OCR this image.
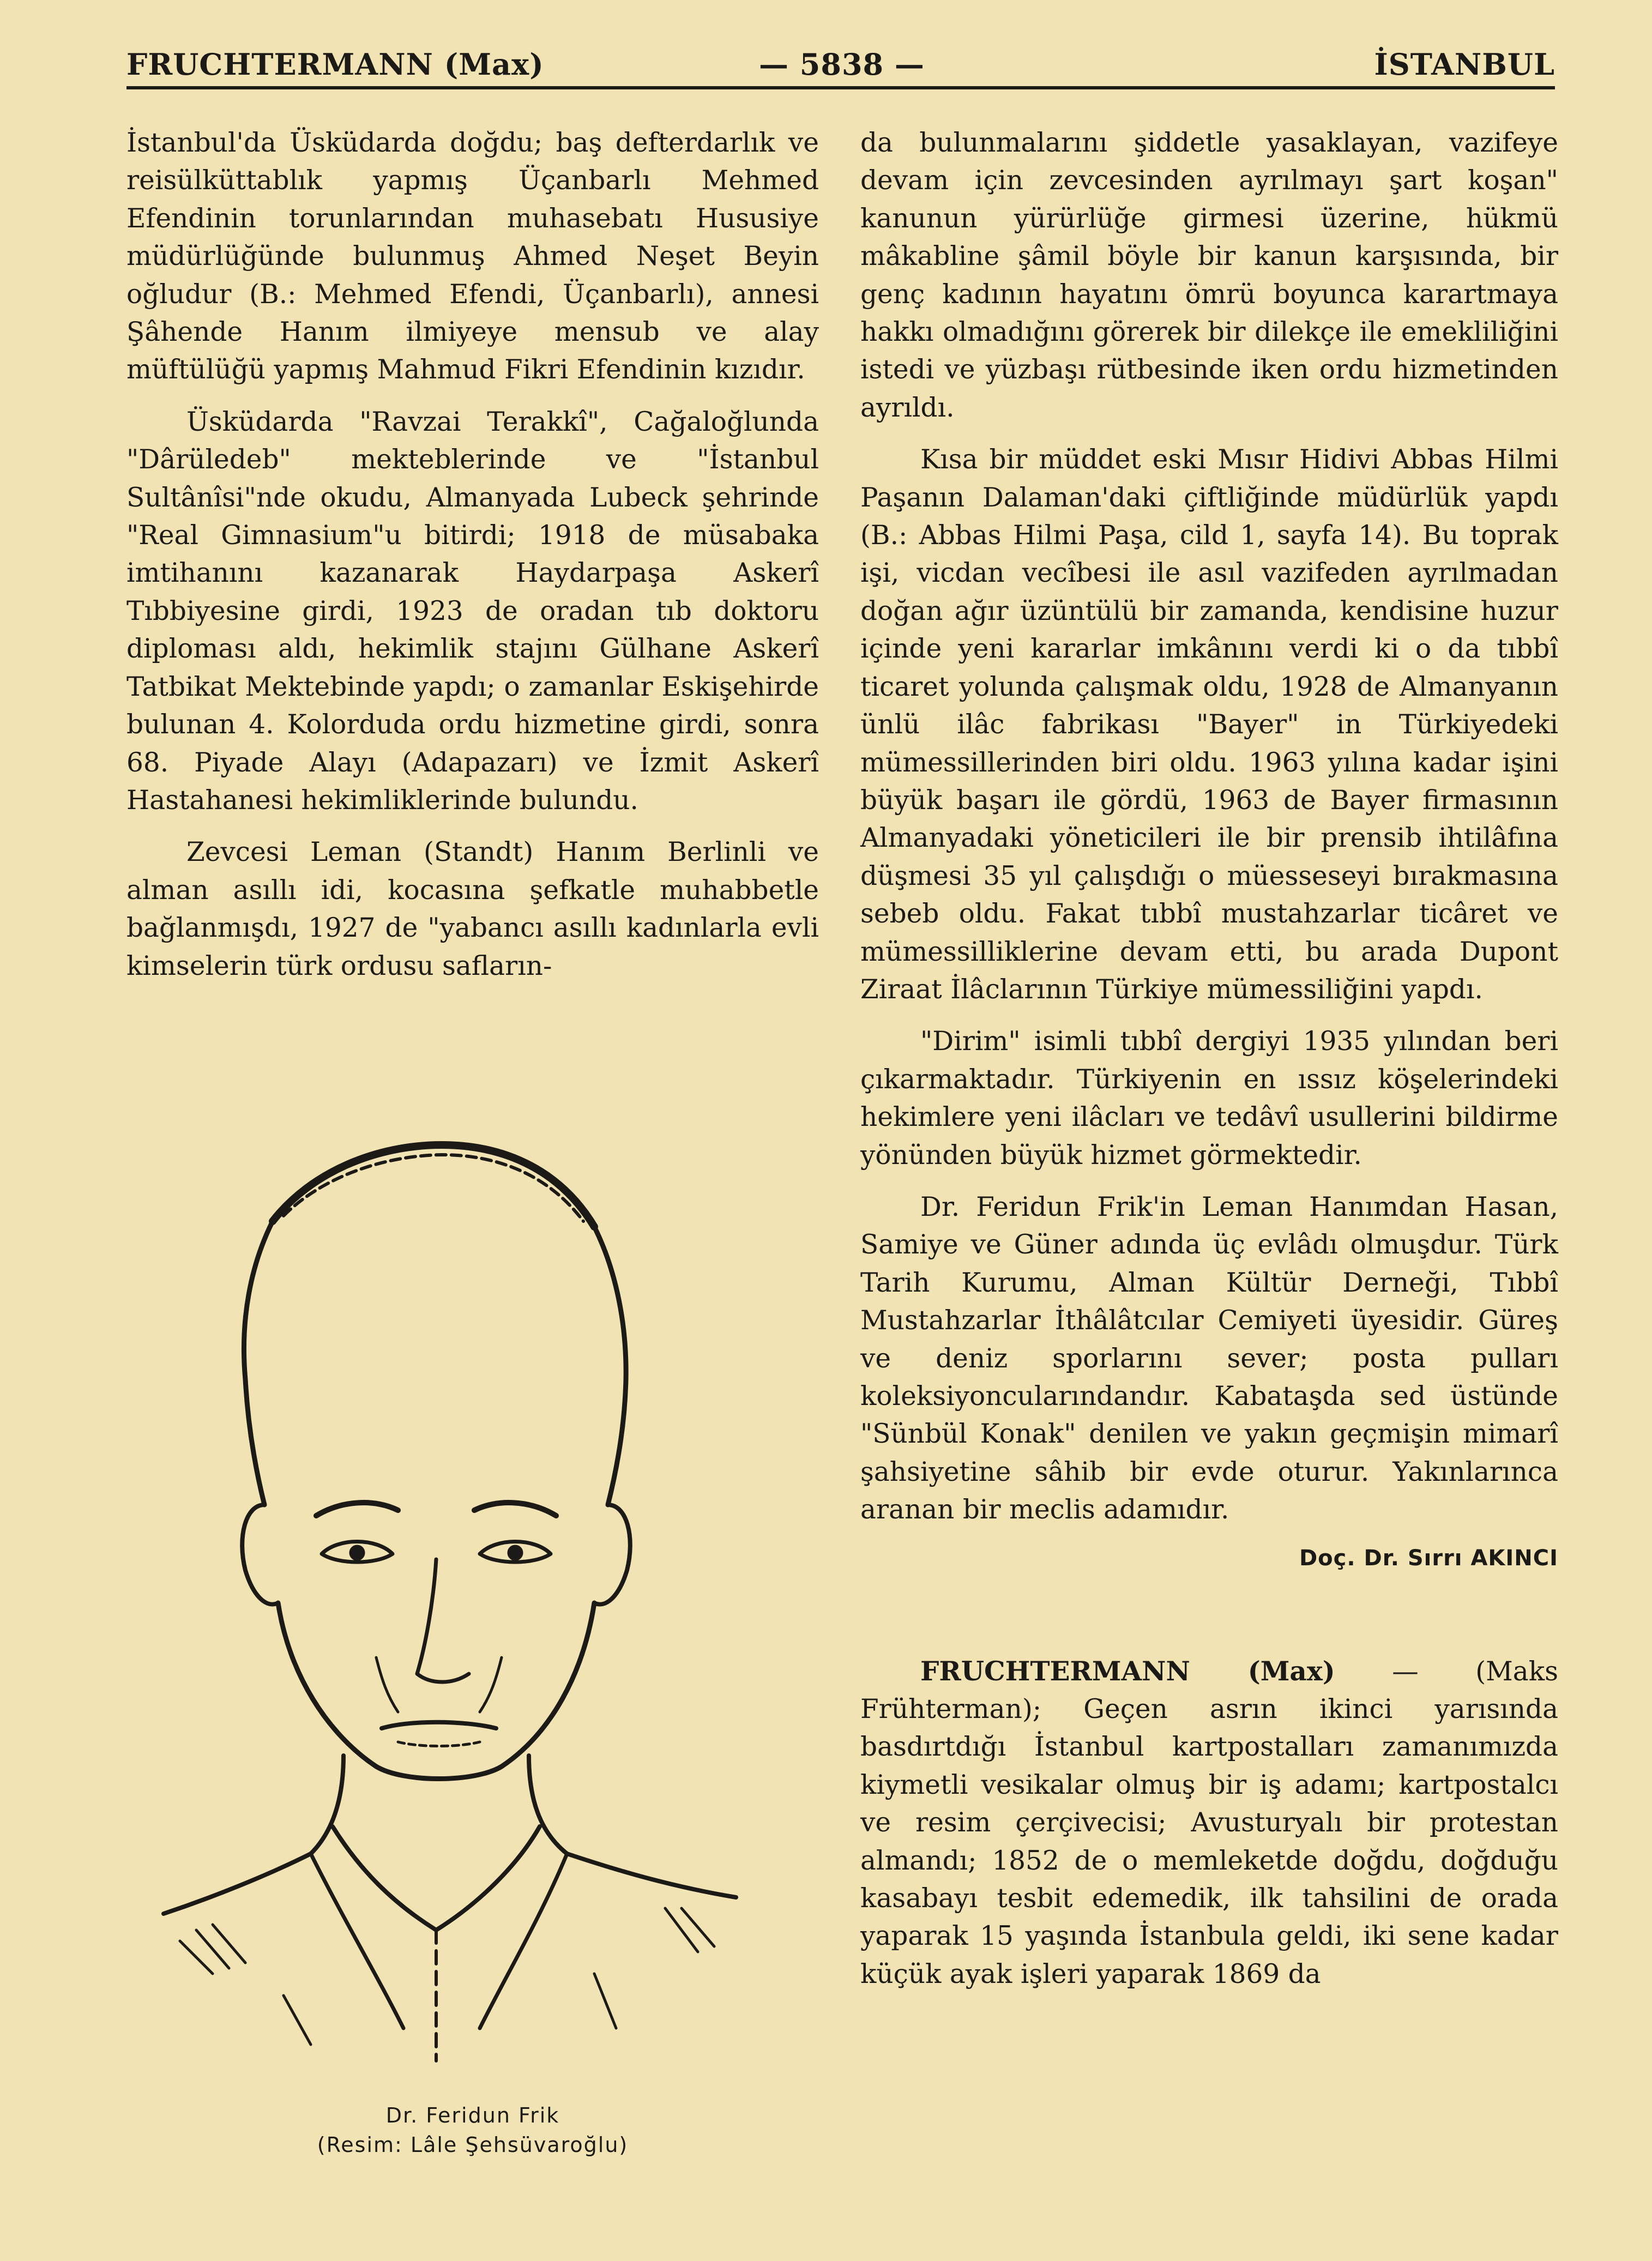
FRUCHTERMANN (Max)	— 5838 —	İSTANBUL

İstanbul'da Üsküdarda doğdu; baş defterdarlık ve reisülküttablık yapmış Üçanbarlı Mehmed Efendinin torunlarından muhasebatı Hususiye müdürlüğünde bulunmuş Ahmed Neşet Beyin oğludur (B.: Mehmed Efendi, Üçanbarlı), annesi Şâhende Hanım ilmiyeye mensub ve alay müftülüğü yapmış Mahmud Fikri Efendinin kızıdır.

Üsküdarda "Ravzai Terakkî", Cağaloğlunda "Dârüledeb" mekteblerinde ve "İstanbul Sultânîsi"nde okudu, Almanyada Lubeck şehrinde "Real Gimnasium"u bitirdi; 1918 de müsabaka imtihanını kazanarak Haydarpaşa Askerî Tıbbiyesine girdi, 1923 de oradan tıb doktoru diploması aldı, hekimlik stajını Gülhane Askerî Tatbikat Mektebinde yapdı; o zamanlar Eskişehirde bulunan 4. Kolorduda ordu hizmetine girdi, sonra 68. Piyade Alayı (Adapazarı) ve İzmit Askerî Hastahanesi hekimliklerinde bulundu.

Zevcesi Leman (Standt) Hanım Berlinli ve alman asıllı idi, kocasına şefkatle muhabbetle bağlanmışdı, 1927 de "yabancı asıllı kadınlarla evli kimselerin türk ordusu safların-

Dr. Feridun Frik
(Resim: Lâle Şehsüvaroğlu)

da bulunmalarını şiddetle yasaklayan, vazifeye devam için zevcesinden ayrılmayı şart koşan" kanunun yürürlüğe girmesi üzerine, hükmü mâkabline şâmil böyle bir kanun karşısında, bir genç kadının hayatını ömrü boyunca karartmaya hakkı olmadığını görerek bir dilekçe ile emekliliğini istedi ve yüzbaşı rütbesinde iken ordu hizmetinden ayrıldı.

Kısa bir müddet eski Mısır Hidivi Abbas Hilmi Paşanın Dalaman'daki çiftliğinde müdürlük yapdı (B.: Abbas Hilmi Paşa, cild 1, sayfa 14). Bu toprak işi, vicdan vecîbesi ile asıl vazifeden ayrılmadan doğan ağır üzüntülü bir zamanda, kendisine huzur içinde yeni kararlar imkânını verdi ki o da tıbbî ticaret yolunda çalışmak oldu, 1928 de Almanyanın ünlü ilâc fabrikası "Bayer" in Türkiyedeki mümessillerinden biri oldu. 1963 yılına kadar işini büyük başarı ile gördü, 1963 de Bayer firmasının Almanyadaki yöneticileri ile bir prensib ihtilâfına düşmesi 35 yıl çalışdığı o müesseseyi bırakmasına sebeb oldu. Fakat tıbbî mustahzarlar ticâret ve mümessilliklerine devam etti, bu arada Dupont Ziraat İlâclarının Türkiye mümessiliğini yapdı.

"Dirim" isimli tıbbî dergiyi 1935 yılından beri çıkarmaktadır. Türkiyenin en ıssız köşelerindeki hekimlere yeni ilâcları ve tedâvî usullerini bildirme yönünden büyük hizmet görmektedir.

Dr. Feridun Frik'in Leman Hanımdan Hasan, Samiye ve Güner adında üç evlâdı olmuşdur. Türk Tarih Kurumu, Alman Kültür Derneği, Tıbbî Mustahzarlar İthâlâtcılar Cemiyeti üyesidir. Güreş ve deniz sporlarını sever; posta pulları koleksiyoncularındandır. Kabataşda sed üstünde "Sünbül Konak" denilen ve yakın geçmişin mimarî şahsiyetine sâhib bir evde oturur. Yakınlarınca aranan bir meclis adamıdır.

Doç. Dr. Sırrı AKINCI

FRUCHTERMANN (Max) — (Maks Frühterman); Geçen asrın ikinci yarısında basdırtdığı İstanbul kartpostalları zamanımızda kiymetli vesikalar olmuş bir iş adamı; kartpostalcı ve resim çerçivecisi; Avusturyalı bir protestan almandı; 1852 de o memleketde doğdu, doğduğu kasabayı tesbit edemedik, ilk tahsilini de orada yaparak 15 yaşında İstanbula geldi, iki sene kadar küçük ayak işleri yaparak 1869 da
